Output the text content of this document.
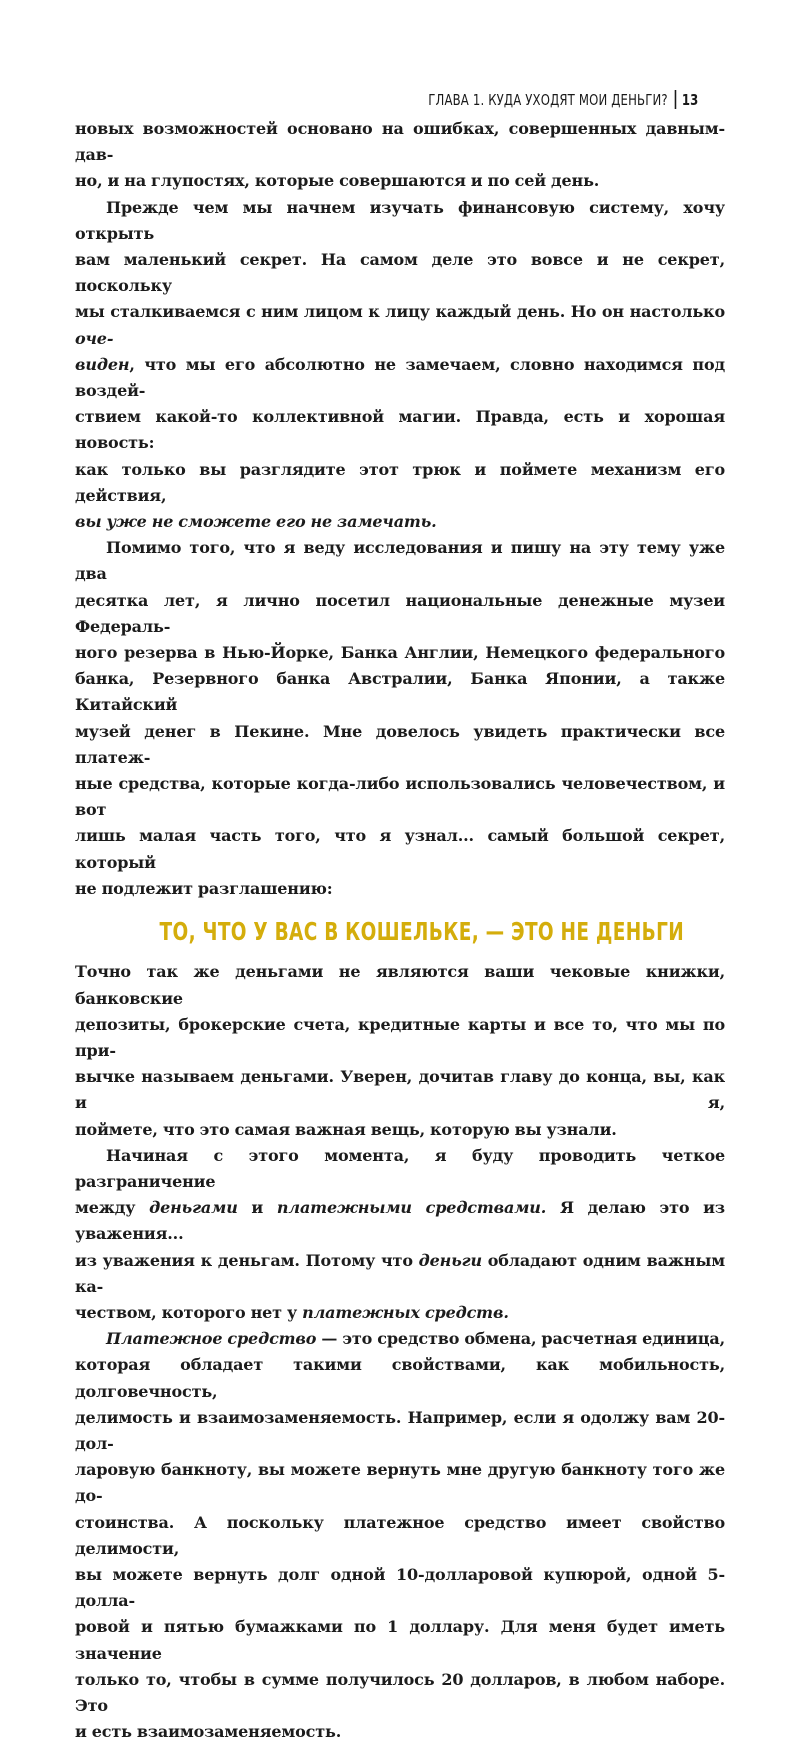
ГЛАВА 1. КУДА УХОДЯТ МОИ ДЕНЬГИ? 13

новых возможностей основано на ошибках, совершенных давным-дав-

но, и на глупостях, которые совершаются и по сей день.

Прежде чем мы начнем изучать финансовую систему, хочу открыть

вам маленький секрет. На самом деле это вовсе и не секрет, поскольку

мы сталкиваемся с ним лицом к лицу каждый день. Но он настолько оче-

виден, что мы его абсолютно не замечаем, словно находимся под воздей-

ствием какой-то коллективной магии. Правда, есть и хорошая новость:

как только вы разглядите этот трюк и поймете механизм его действия,

вы уже не сможете его не замечать.

Помимо того, что я веду исследования и пишу на эту тему уже два

десятка лет, я лично посетил национальные денежные музеи Федераль-

ного резерва в Нью-Йорке, Банка Англии, Немецкого федерального

банка, Резервного банка Австралии, Банка Японии, а также Китайский

музей денег в Пекине. Мне довелось увидеть практически все платеж-

ные средства, которые когда-либо использовались человечеством, и вот

лишь малая часть того, что я узнал... самый большой секрет, который

не подлежит разглашению:

ТО, ЧТО У ВАС В КОШЕЛЬКЕ, — ЭТО НЕ ДЕНЬГИ

Точно так же деньгами не являются ваши чековые книжки, банковские

депозиты, брокерские счета, кредитные карты и все то, что мы по при-

вычке называем деньгами. Уверен, дочитав главу до конца, вы, как и я,

поймете, что это самая важная вещь, которую вы узнали.

Начиная с этого момента, я буду проводить четкое разграничение

между деньгами и платежными средствами. Я делаю это из уважения...

из уважения к деньгам. Потому что деньги обладают одним важным ка-

чеством, которого нет у платежных средств.

Платежное средство — это средство обмена, расчетная единица,

которая обладает такими свойствами, как мобильность, долговечность,

делимость и взаимозаменяемость. Например, если я одолжу вам 20-дол-

ларовую банкноту, вы можете вернуть мне другую банкноту того же до-

стоинства. А поскольку платежное средство имеет свойство делимости,

вы можете вернуть долг одной 10-долларовой купюрой, одной 5-долла-

ровой и пятью бумажками по 1 доллару. Для меня будет иметь значение

только то, чтобы в сумме получилось 20 долларов, в любом наборе. Это

и есть взаимозаменяемость.
